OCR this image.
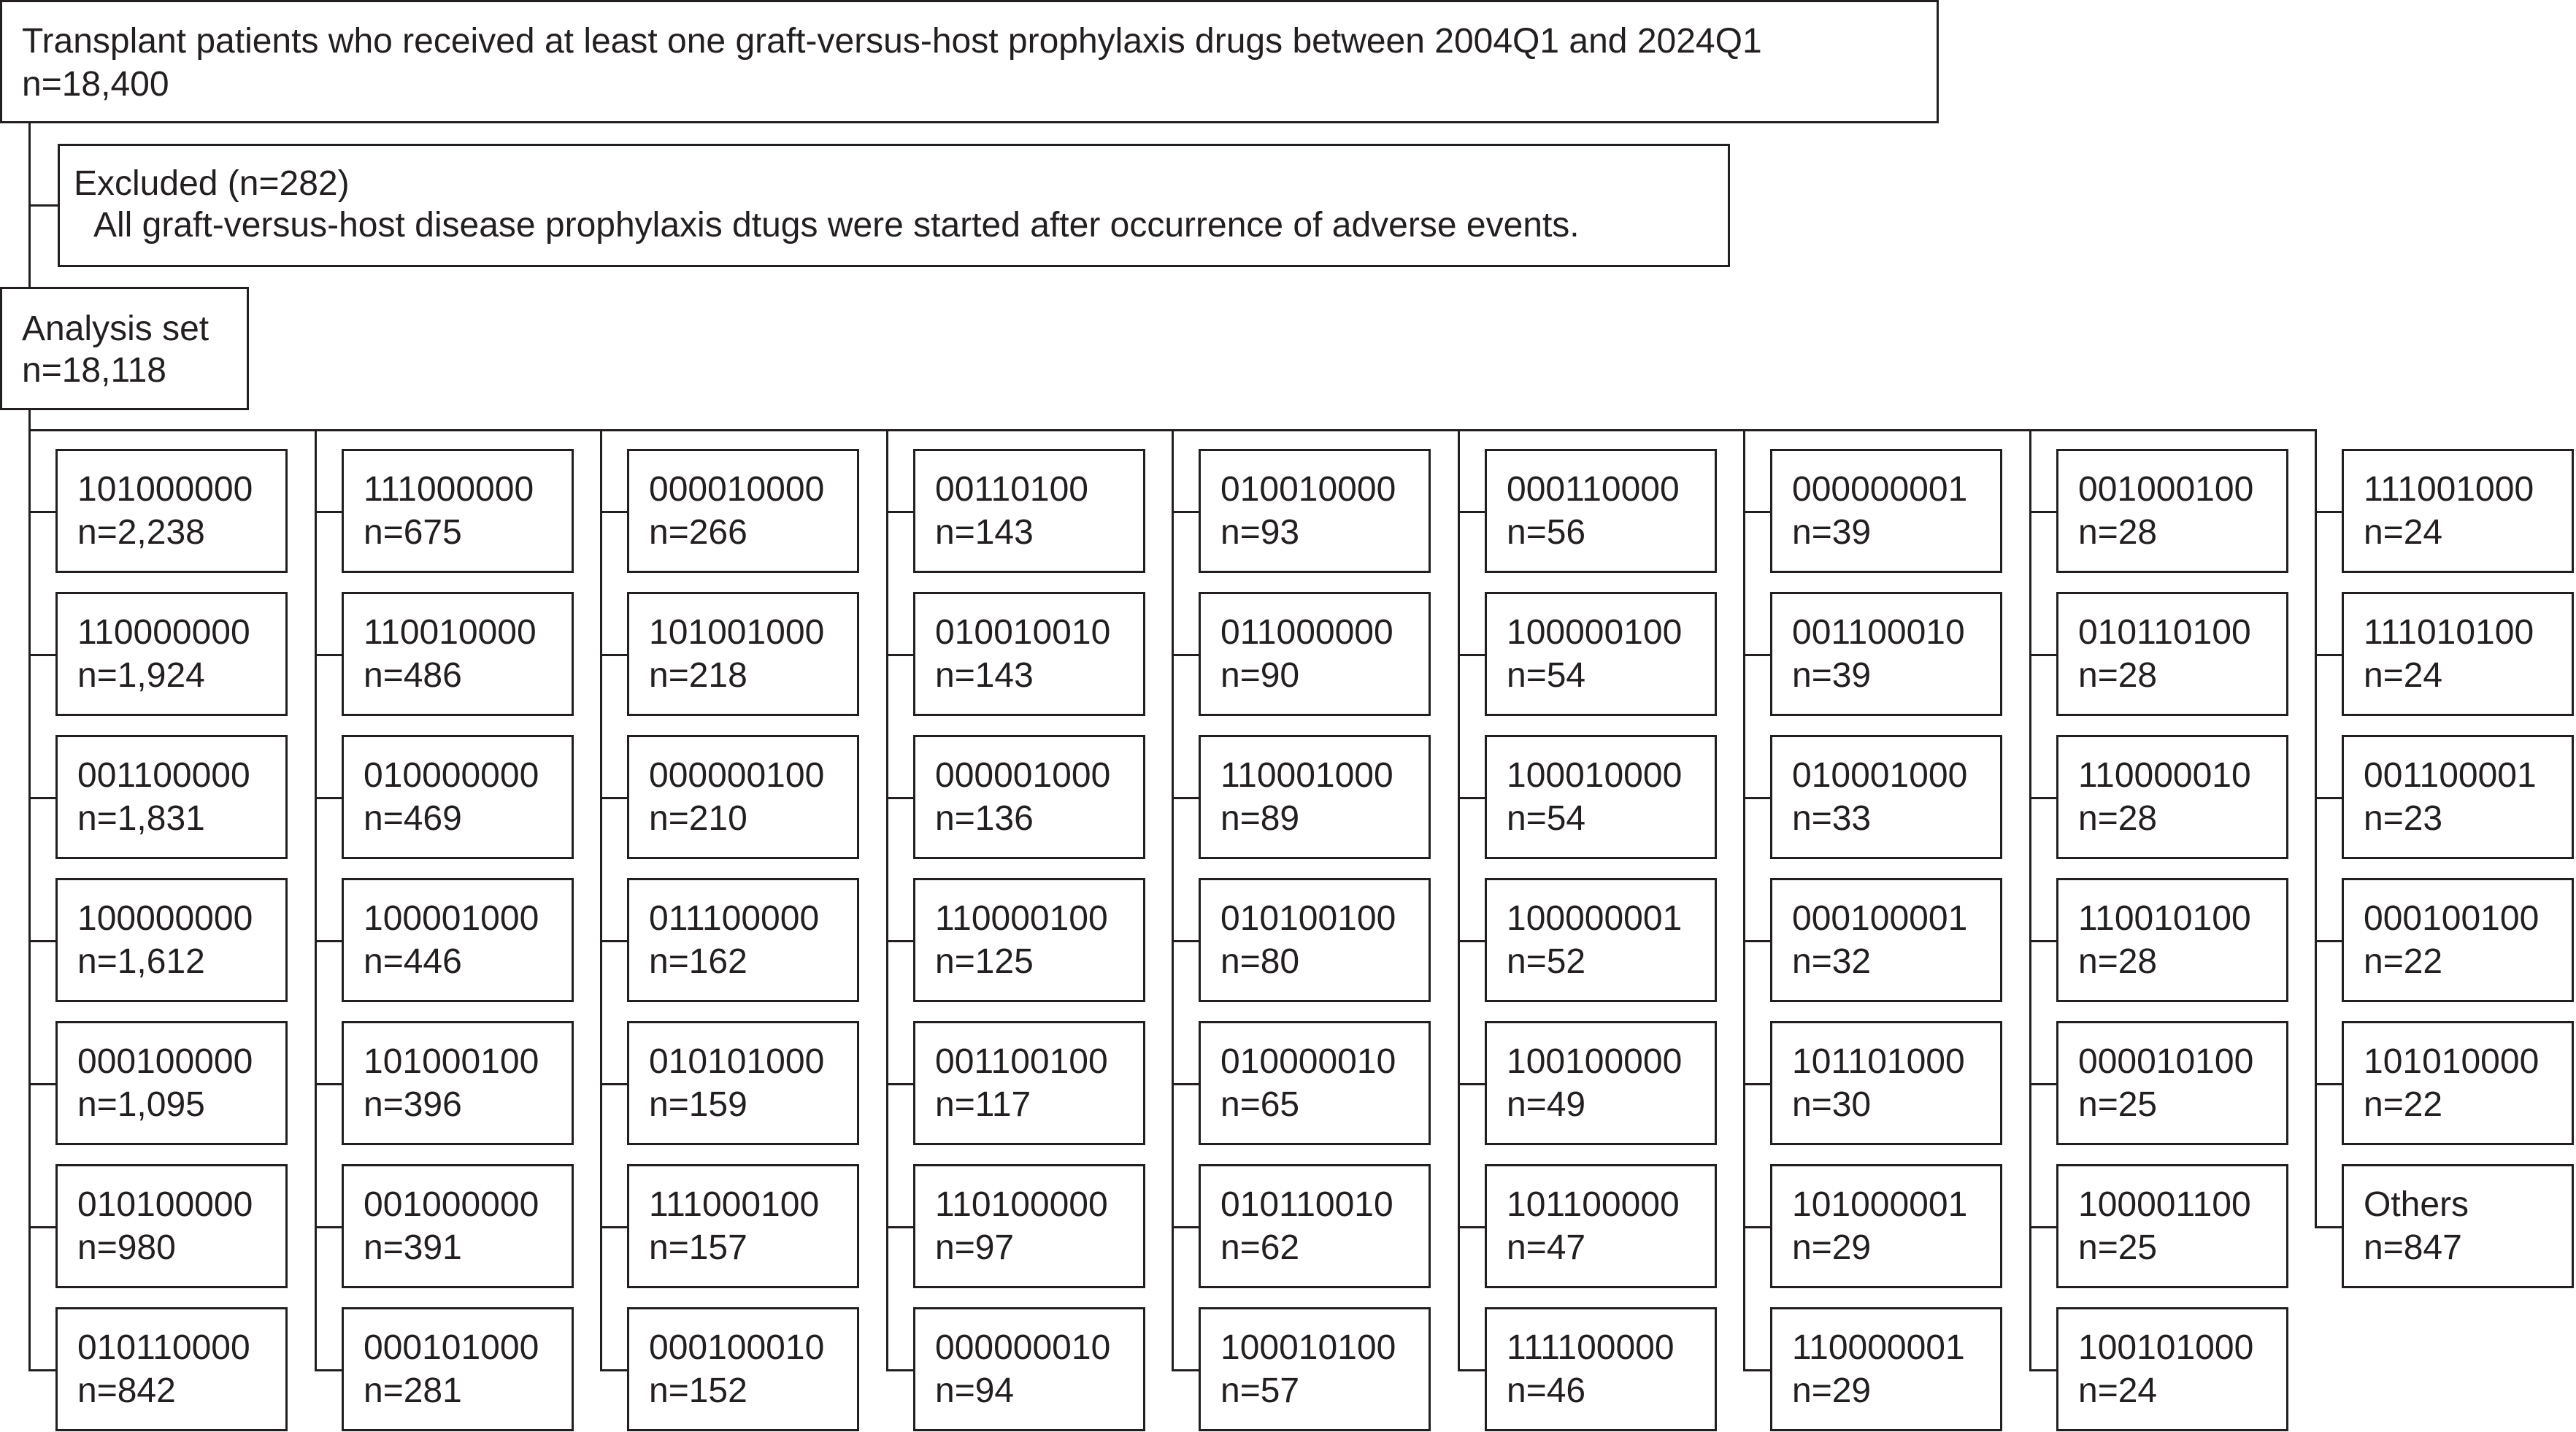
Transplant patients who received at least one graft-versus-host prophylaxis drugs between 2004Q1 and 2024Q1
n=18,400
Excluded (n=282)
All graft-versus-host disease prophylaxis dtugs were started after occurrence of adverse events.
Analysis set
n=18,118
101000000
n=2,238
110000000
n=1,924
001100000
n=1,831
100000000
n=1,612
000100000
n=1,095
010100000
n=980
010110000
n=842
111000000
n=675
110010000
n=486
010000000
n=469
100001000
n=446
101000100
n=396
001000000
n=391
000101000
n=281
000010000
n=266
101001000
n=218
000000100
n=210
011100000
n=162
010101000
n=159
111000100
n=157
000100010
n=152
00110100
n=143
010010010
n=143
000001000
n=136
110000100
n=125
001100100
n=117
110100000
n=97
000000010
n=94
010010000
n=93
011000000
n=90
110001000
n=89
010100100
n=80
010000010
n=65
010110010
n=62
100010100
n=57
000110000
n=56
100000100
n=54
100010000
n=54
100000001
n=52
100100000
n=49
101100000
n=47
111100000
n=46
000000001
n=39
001100010
n=39
010001000
n=33
000100001
n=32
101101000
n=30
101000001
n=29
110000001
n=29
001000100
n=28
010110100
n=28
110000010
n=28
110010100
n=28
000010100
n=25
100001100
n=25
100101000
n=24
111001000
n=24
111010100
n=24
001100001
n=23
000100100
n=22
101010000
n=22
Others
n=847
